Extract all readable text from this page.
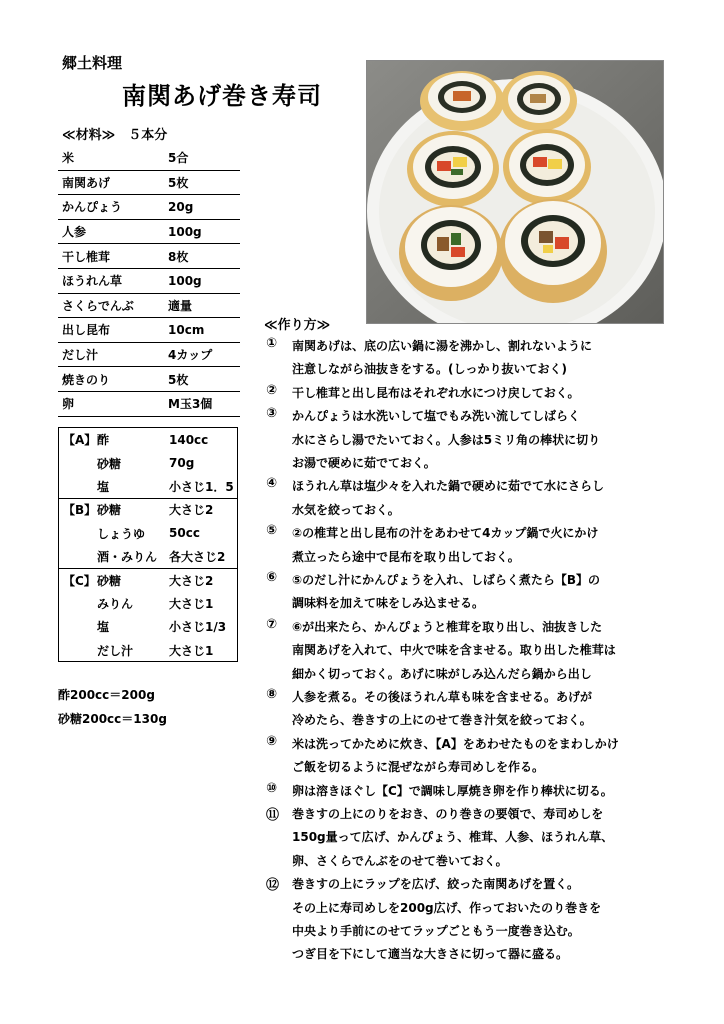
郷土料理
南関あげ巻き寿司
≪材料≫　５本分
米	5合
南関あげ	5枚
かんぴょう	20g
人参	100g
干し椎茸	8枚
ほうれん草	100g
さくらでんぶ	適量
出し昆布	10cm
だし汁	4カップ
焼きのり	5枚
卵	M玉3個
【A】 酢	140cc
砂糖	70g
塩	小さじ1．5
【B】 砂糖	大さじ2
しょうゆ	50cc
酒・みりん 各大さじ2
【C】 砂糖	大さじ2
みりん	大さじ1
塩	小さじ1/3
だし汁	大さじ1
酢200cc＝200g
砂糖200cc＝130g
≪作り方≫
① 南関あげは、底の広い鍋に湯を沸かし、割れないように
注意しながら油抜きをする。(しっかり抜いておく)
② 干し椎茸と出し昆布はそれぞれ水につけ戻しておく。
③ かんぴょうは水洗いして塩でもみ洗い流してしばらく
水にさらし湯でたいておく。人参は5ミリ角の棒状に切り
お湯で硬めに茹でておく。
④ ほうれん草は塩少々を入れた鍋で硬めに茹でて水にさらし
水気を絞っておく。
⑤ ②の椎茸と出し昆布の汁をあわせて4カップ鍋で火にかけ
煮立ったら途中で昆布を取り出しておく。
⑥ ⑤のだし汁にかんぴょうを入れ、しばらく煮たら【B】の
調味料を加えて味をしみ込ませる。
⑦ ⑥が出来たら、かんぴょうと椎茸を取り出し、油抜きした
南関あげを入れて、中火で味を含ませる。取り出した椎茸は
細かく切っておく。あげに味がしみ込んだら鍋から出し
⑧ 人参を煮る。その後ほうれん草も味を含ませる。あげが
冷めたら、巻きすの上にのせて巻き汁気を絞っておく。
⑨ 米は洗ってかために炊き、【A】をあわせたものをまわしかけ
ご飯を切るように混ぜながら寿司めしを作る。
⑩ 卵は溶きほぐし【C】で調味し厚焼き卵を作り棒状に切る。
⑪ 巻きすの上にのりをおき、のり巻きの要領で、寿司めしを
150g量って広げ、かんぴょう、椎茸、人参、ほうれん草、
卵、さくらでんぶをのせて巻いておく。
⑫ 巻きすの上にラップを広げ、絞った南関あげを置く。
その上に寿司めしを200g広げ、作っておいたのり巻きを
中央より手前にのせてラップごともう一度巻き込む。
つぎ目を下にして適当な大きさに切って器に盛る。
